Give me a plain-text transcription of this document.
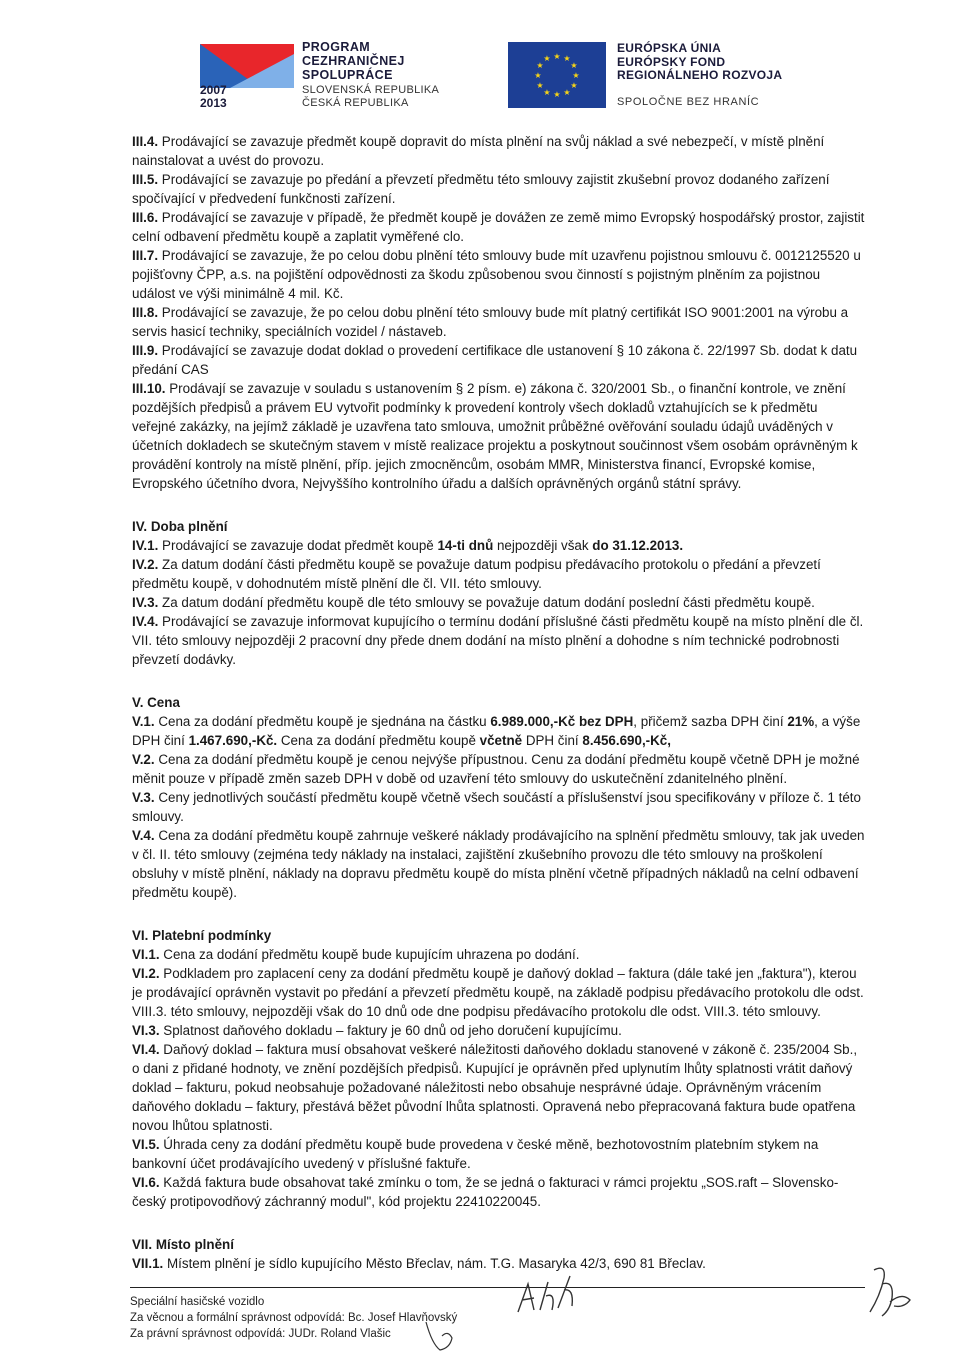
2007
2013
PROGRAM
CEZHRANIČNEJ
SPOLUPRÁCE
SLOVENSKÁ REPUBLIKA
ČESKÁ REPUBLIKA
★ ★
★
★
★
★
★
★
★
★
★
★
EURÓPSKA ÚNIA
EURÓPSKY FOND
REGIONÁLNEHO ROZVOJA
SPOLOČNE BEZ HRANÍC

III.4. Prodávající se zavazuje předmět koupě dopravit do místa plnění na svůj náklad a své nebezpečí, v místě plnění nainstalovat a uvést do provozu.

III.5. Prodávající se zavazuje po předání a převzetí předmětu této smlouvy zajistit zkušební provoz dodaného zařízení spočívající v předvedení funkčnosti zařízení.

III.6. Prodávající se zavazuje v případě, že předmět koupě je dovážen ze země mimo Evropský hospodářský prostor, zajistit celní odbavení předmětu koupě a zaplatit vyměřené clo.

III.7. Prodávající se zavazuje, že po celou dobu plnění této smlouvy bude mít uzavřenu pojistnou smlouvu č. 0012125520 u pojišťovny ČPP, a.s. na pojištění odpovědnosti za škodu způsobenou svou činností s pojistným plněním za pojistnou událost ve výši minimálně 4 mil. Kč.

III.8. Prodávající se zavazuje, že po celou dobu plnění této smlouvy bude mít platný certifikát ISO 9001:2001 na výrobu a servis hasicí techniky, speciálních vozidel / nástaveb.

III.9. Prodávající se zavazuje dodat doklad o provedení certifikace dle ustanovení § 10 zákona č. 22/1997 Sb. dodat k datu předání CAS

III.10. Prodávají se zavazuje v souladu s ustanovením § 2 písm. e) zákona č. 320/2001 Sb., o finanční kontrole, ve znění pozdějších předpisů a právem EU vytvořit podmínky k provedení kontroly všech dokladů vztahujících se k předmětu veřejné zakázky, na jejímž základě je uzavřena tato smlouva, umožnit průběžné ověřování souladu údajů uváděných v účetních dokladech se skutečným stavem v místě realizace projektu a poskytnout součinnost všem osobám oprávněným k provádění kontroly na místě plnění, příp. jejich zmocněncům, osobám MMR, Ministerstva financí, Evropské komise, Evropského účetního dvora, Nejvyššího kontrolního úřadu a dalších oprávněných orgánů státní správy.

IV. Doba plnění

IV.1. Prodávající se zavazuje dodat předmět koupě 14-ti dnů nejpozději však do 31.12.2013.

IV.2. Za datum dodání části předmětu koupě se považuje datum podpisu předávacího protokolu o předání a převzetí předmětu koupě, v dohodnutém místě plnění dle čl. VII. této smlouvy.

IV.3. Za datum dodání předmětu koupě dle této smlouvy se považuje datum dodání poslední části předmětu koupě.

IV.4. Prodávající se zavazuje informovat kupujícího o termínu dodání příslušné části předmětu koupě na místo plnění dle čl. VII. této smlouvy nejpozději 2 pracovní dny přede dnem dodání na místo plnění a dohodne s ním technické podrobnosti převzetí dodávky.

V. Cena

V.1. Cena za dodání předmětu koupě je sjednána na částku 6.989.000,-Kč bez DPH, přičemž sazba DPH činí 21%, a výše DPH činí 1.467.690,-Kč. Cena za dodání předmětu koupě včetně DPH činí 8.456.690,-Kč,

V.2. Cena za dodání předmětu koupě je cenou nejvýše přípustnou. Cenu za dodání předmětu koupě včetně DPH je možné měnit pouze v případě změn sazeb DPH v době od uzavření této smlouvy do uskutečnění zdanitelného plnění.

V.3. Ceny jednotlivých součástí předmětu koupě včetně všech součástí a příslušenství jsou specifikovány v příloze č. 1 této smlouvy.

V.4. Cena za dodání předmětu koupě zahrnuje veškeré náklady prodávajícího na splnění předmětu smlouvy, tak jak uveden v čl. II. této smlouvy (zejména tedy náklady na instalaci, zajištění zkušebního provozu dle této smlouvy na proškolení obsluhy v místě plnění, náklady na dopravu předmětu koupě do místa plnění včetně případných nákladů na celní odbavení předmětu koupě).

VI. Platební podmínky

VI.1. Cena za dodání předmětu koupě bude kupujícím uhrazena po dodání.

VI.2. Podkladem pro zaplacení ceny za dodání předmětu koupě je daňový doklad – faktura (dále také jen „faktura"), kterou je prodávající oprávněn vystavit po předání a převzetí předmětu koupě, na základě podpisu předávacího protokolu dle odst. VIII.3. této smlouvy, nejpozději však do 10 dnů ode dne podpisu předávacího protokolu dle odst. VIII.3. této smlouvy.

VI.3. Splatnost daňového dokladu – faktury je 60 dnů od jeho doručení kupujícímu.

VI.4. Daňový doklad – faktura musí obsahovat veškeré náležitosti daňového dokladu stanovené v zákoně č. 235/2004 Sb., o dani z přidané hodnoty, ve znění pozdějších předpisů. Kupující je oprávněn před uplynutím lhůty splatnosti vrátit daňový doklad – fakturu, pokud neobsahuje požadované náležitosti nebo obsahuje nesprávné údaje. Oprávněným vrácením daňového dokladu – faktury, přestává běžet původní lhůta splatnosti. Opravená nebo přepracovaná faktura bude opatřena novou lhůtou splatnosti.

VI.5. Úhrada ceny za dodání předmětu koupě bude provedena v české měně, bezhotovostním platebním stykem na bankovní účet prodávajícího uvedený v příslušné faktuře.

VI.6. Každá faktura bude obsahovat také zmínku o tom, že se jedná o fakturaci v rámci projektu „SOS.raft – Slovensko-český protipovodňový záchranný modul", kód projektu 22410220045.

VII. Místo plnění

VII.1. Místem plnění je sídlo kupujícího Město Břeclav, nám. T.G. Masaryka 42/3, 690 81 Břeclav.

Speciální hasičské vozidlo
Za věcnou a formální správnost odpovídá: Bc. Josef Hlavňovský
Za právní správnost odpovídá: JUDr. Roland Vlašic
